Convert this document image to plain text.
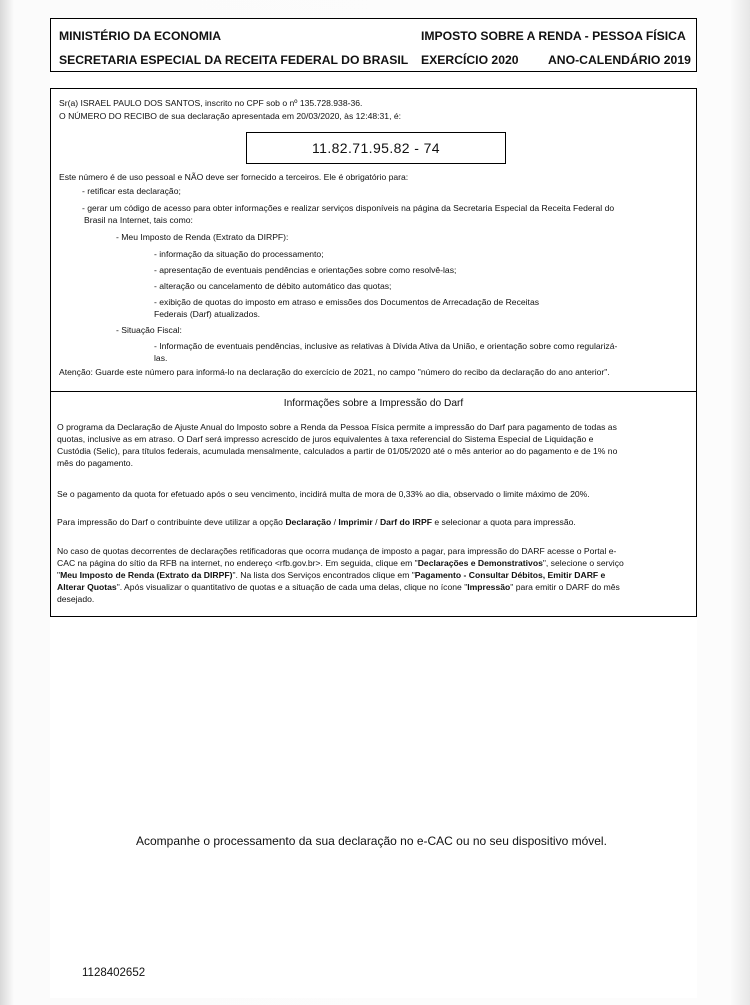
MINISTÉRIO DA ECONOMIA	IMPOSTO SOBRE A RENDA - PESSOA FÍSICA
SECRETARIA ESPECIAL DA RECEITA FEDERAL DO BRASIL EXERCÍCIO 2020 ANO-CALENDÁRIO 2019
Sr(a) ISRAEL PAULO DOS SANTOS, inscrito no CPF sob o nº 135.728.938-36.
O NÚMERO DO RECIBO de sua declaração apresentada em 20/03/2020, às 12:48:31, é:
11.82.71.95.82 - 74
Este número é de uso pessoal e NÃO deve ser fornecido a terceiros. Ele é obrigatório para:
- retificar esta declaração;
- gerar um código de acesso para obter informações e realizar serviços disponíveis na página da Secretaria Especial da Receita Federal do
Brasil na Internet, tais como:
- Meu Imposto de Renda (Extrato da DIRPF):
- informação da situação do processamento;
- apresentação de eventuais pendências e orientações sobre como resolvê-las;
- alteração ou cancelamento de débito automático das quotas;
- exibição de quotas do imposto em atraso e emissões dos Documentos de Arrecadação de Receitas
Federais (Darf) atualizados.
- Situação Fiscal:
- Informação de eventuais pendências, inclusive as relativas à Dívida Ativa da União, e orientação sobre como regularizá-
las.
Atenção: Guarde este número para informá-lo na declaração do exercício de 2021, no campo "número do recibo da declaração do ano anterior".
Informações sobre a Impressão do Darf
O programa da Declaração de Ajuste Anual do Imposto sobre a Renda da Pessoa Física permite a impressão do Darf para pagamento de todas as
quotas, inclusive as em atraso. O Darf será impresso acrescido de juros equivalentes à taxa referencial do Sistema Especial de Liquidação e
Custódia (Selic), para títulos federais, acumulada mensalmente, calculados a partir de 01/05/2020 até o mês anterior ao do pagamento e de 1% no
mês do pagamento.
Se o pagamento da quota for efetuado após o seu vencimento, incidirá multa de mora de 0,33% ao dia, observado o limite máximo de 20%.
Para impressão do Darf o contribuinte deve utilizar a opção Declaração / Imprimir / Darf do IRPF e selecionar a quota para impressão.
No caso de quotas decorrentes de declarações retificadoras que ocorra mudança de imposto a pagar, para impressão do DARF acesse o Portal e-
CAC na página do sítio da RFB na internet, no endereço <rfb.gov.br>. Em seguida, clique em "Declarações e Demonstrativos", selecione o serviço
"Meu Imposto de Renda (Extrato da DIRPF)". Na lista dos Serviços encontrados clique em "Pagamento - Consultar Débitos, Emitir DARF e
Alterar Quotas". Após visualizar o quantitativo de quotas e a situação de cada uma delas, clique no ícone "Impressão" para emitir o DARF do mês
desejado.
Acompanhe o processamento da sua declaração no e-CAC ou no seu dispositivo móvel.
1128402652
